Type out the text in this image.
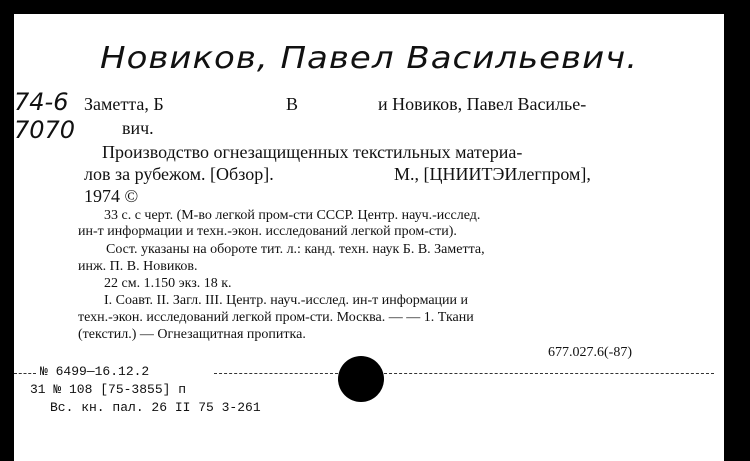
Новиков, Павел Васильевич.
74-6
7070
Заметта, Б	В	и Новиков, Павел Василье-
вич.
Производство огнезащищенных текстильных материа-
лов за рубежом. [Обзор].	М., [ЦНИИТЭИлегпром],
1974 ©
33 с. с черт. (М-во легкой пром-сти СССР. Центр. науч.-исслед.
ин-т информации и техн.-экон. исследований легкой пром-сти).
Сост. указаны на обороте тит. л.: канд. техн. наук Б. В. Заметта,
инж. П. В. Новиков.
22 см. 1.150 экз. 18 к.
I. Соавт. II. Загл. III. Центр. науч.-исслед. ин-т информации и
техн.-экон. исследований легкой пром-сти. Москва. — — 1. Ткани
(текстил.) — Огнезащитная пропитка.
677.027.6(-87)
№ 6499—16.12.2
31 № 108 [75-3855] п
Вс. кн. пал. 26 II 75 3-261
